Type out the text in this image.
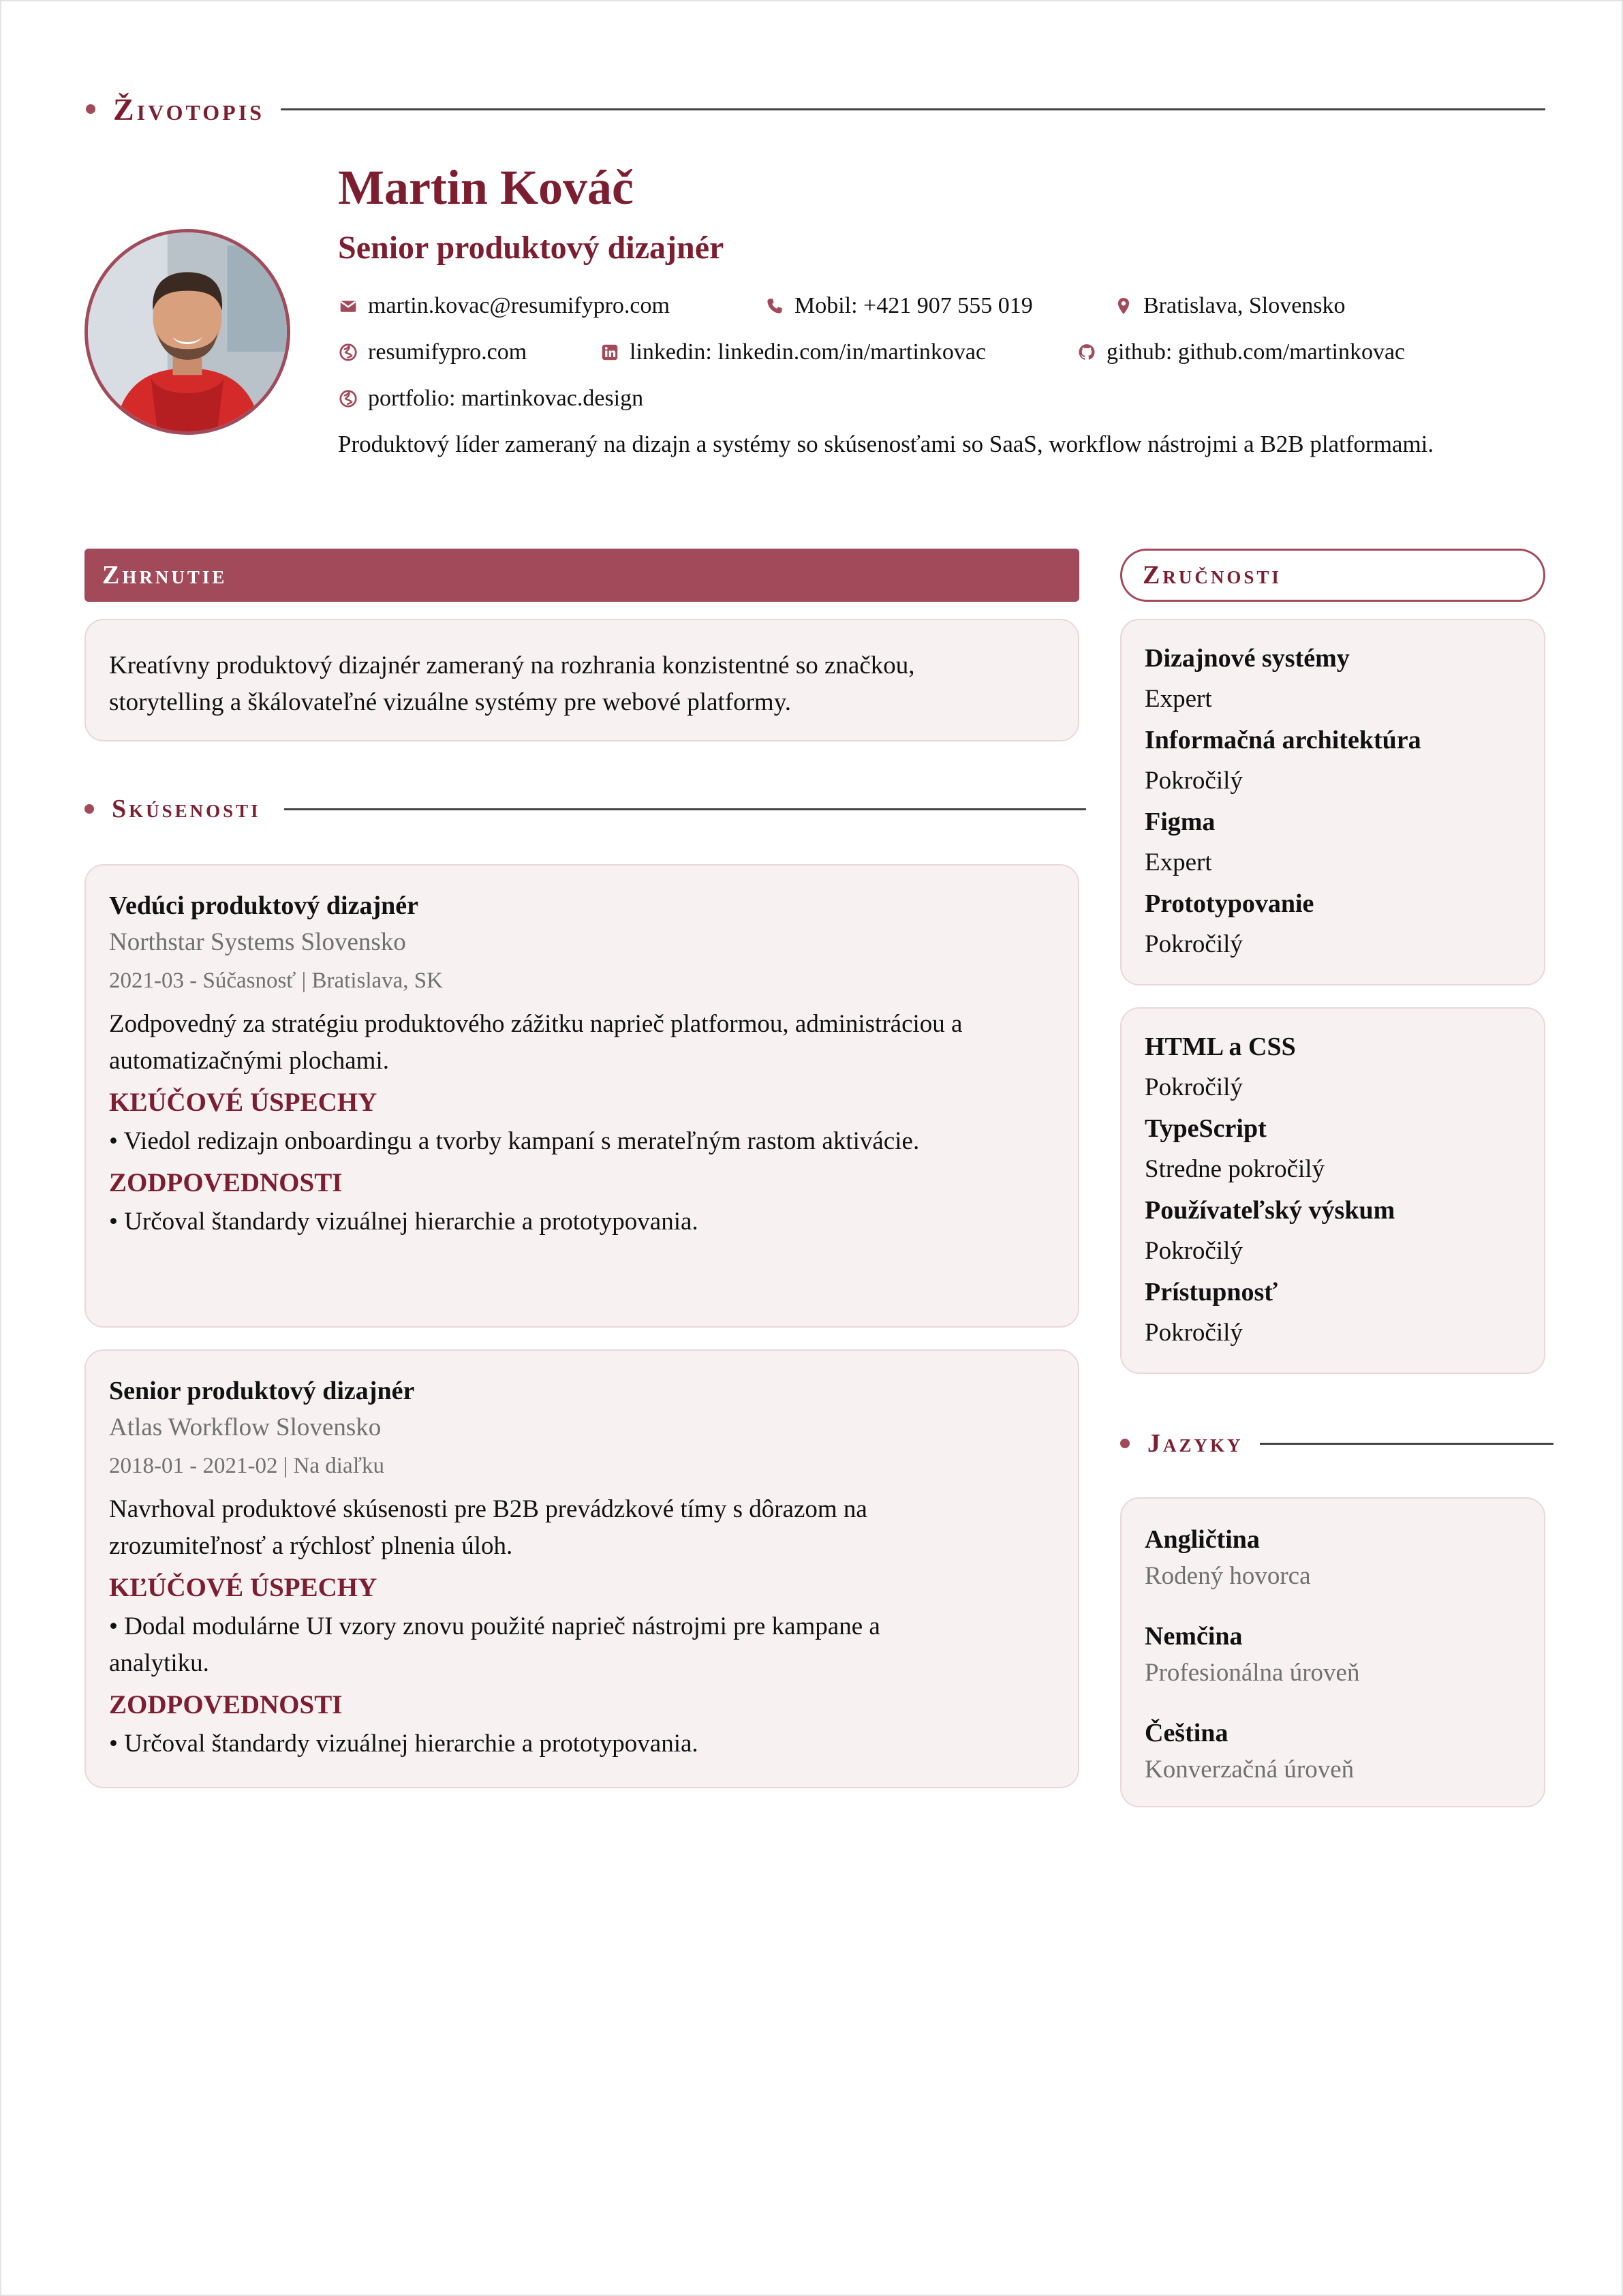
Životopis
Martin Kováč
Senior produktový dizajnér
martin.kovac@resumifypro.com	Mobil: +421 907 555 019	Bratislava, Slovensko
resumifypro.com	linkedin: linkedin.com/in/martinkovac	github: github.com/martinkovac
portfolio: martinkovac.design
Produktový líder zameraný na dizajn a systémy so skúsenosťami so SaaS, workflow nástrojmi a B2B platformami.
Zhrnutie

Kreatívny produktový dizajnér zameraný na rozhrania konzistentné so značkou, storytelling a škálovateľné vizuálne systémy pre webové platformy.

Skúsenosti
Vedúci produktový dizajnér
Northstar Systems Slovensko
2021-03 - Súčasnosť | Bratislava, SK
Zodpovedný za stratégiu produktového zážitku naprieč platformou, administráciou a automatizačnými plochami.
KĽÚČOVÉ ÚSPECHY
• Viedol redizajn onboardingu a tvorby kampaní s merateľným rastom aktivácie.
ZODPOVEDNOSTI
• Určoval štandardy vizuálnej hierarchie a prototypovania.
Senior produktový dizajnér
Atlas Workflow Slovensko
2018-01 - 2021-02 | Na diaľku
Navrhoval produktové skúsenosti pre B2B prevádzkové tímy s dôrazom na zrozumiteľnosť a rýchlosť plnenia úloh.
KĽÚČOVÉ ÚSPECHY
• Dodal modulárne UI vzory znovu použité naprieč nástrojmi pre kampane a analytiku.
ZODPOVEDNOSTI
• Určoval štandardy vizuálnej hierarchie a prototypovania.
Zručnosti
Dizajnové systémy
Expert
Informačná architektúra
Pokročilý
Figma
Expert
Prototypovanie
Pokročilý
HTML a CSS
Pokročilý
TypeScript
Stredne pokročilý
Používateľský výskum
Pokročilý
Prístupnosť
Pokročilý
Jazyky
Angličtina
Rodený hovorca
Nemčina
Profesionálna úroveň
Čeština
Konverzačná úroveň
